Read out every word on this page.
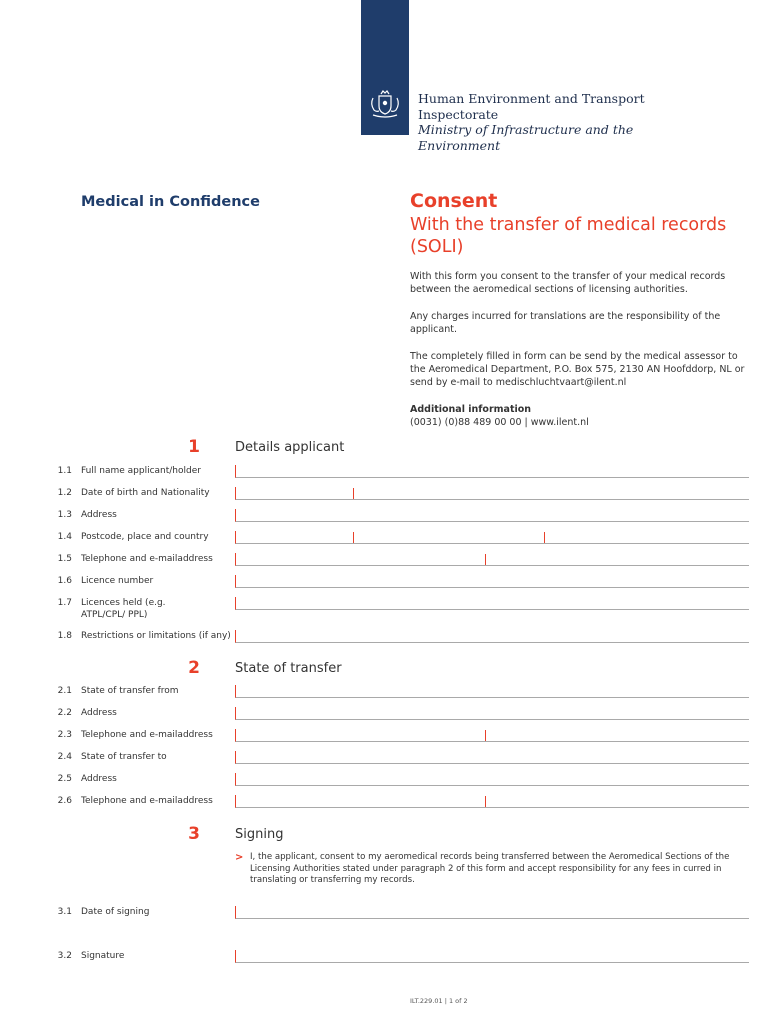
Human Environment and Transport
Inspectorate
Ministry of Infrastructure and the
Environment
Medical in Confidence	Consent
With the transfer of medical records (SOLI)

With this form you consent to the transfer of your medical records between the aeromedical sections of licensing authorities.

Any charges incurred for translations are the responsibility of the applicant.

The completely filled in form can be send by the medical assessor to the Aeromedical Department, P.O. Box 575, 2130 AN Hoofddorp, NL or send by e-mail to medischluchtvaart@ilent.nl

Additional information
(0031) (0)88 489 00 00 | www.ilent.nl
1	Details applicant
1.1 Full name applicant/holder
1.2 Date of birth and Nationality
1.3 Address
1.4 Postcode, place and country
1.5 Telephone and e-mailaddress
1.6 Licence number
1.7 Licences held (e.g. ATPL/CPL/ PPL)
1.8 Restrictions or limitations (if any)
2	State of transfer
2.1 State of transfer from
2.2 Address
2.3 Telephone and e-mailaddress
2.4 State of transfer to
2.5 Address
2.6 Telephone and e-mailaddress
3	Signing
> I, the applicant, consent to my aeromedical records being transferred between the Aeromedical Sections of the Licensing Authorities stated under paragraph 2 of this form and accept responsibility for any fees in curred in translating or transferring my records.
3.1 Date of signing
3.2 Signature
ILT.229.01 | 1 of 2
